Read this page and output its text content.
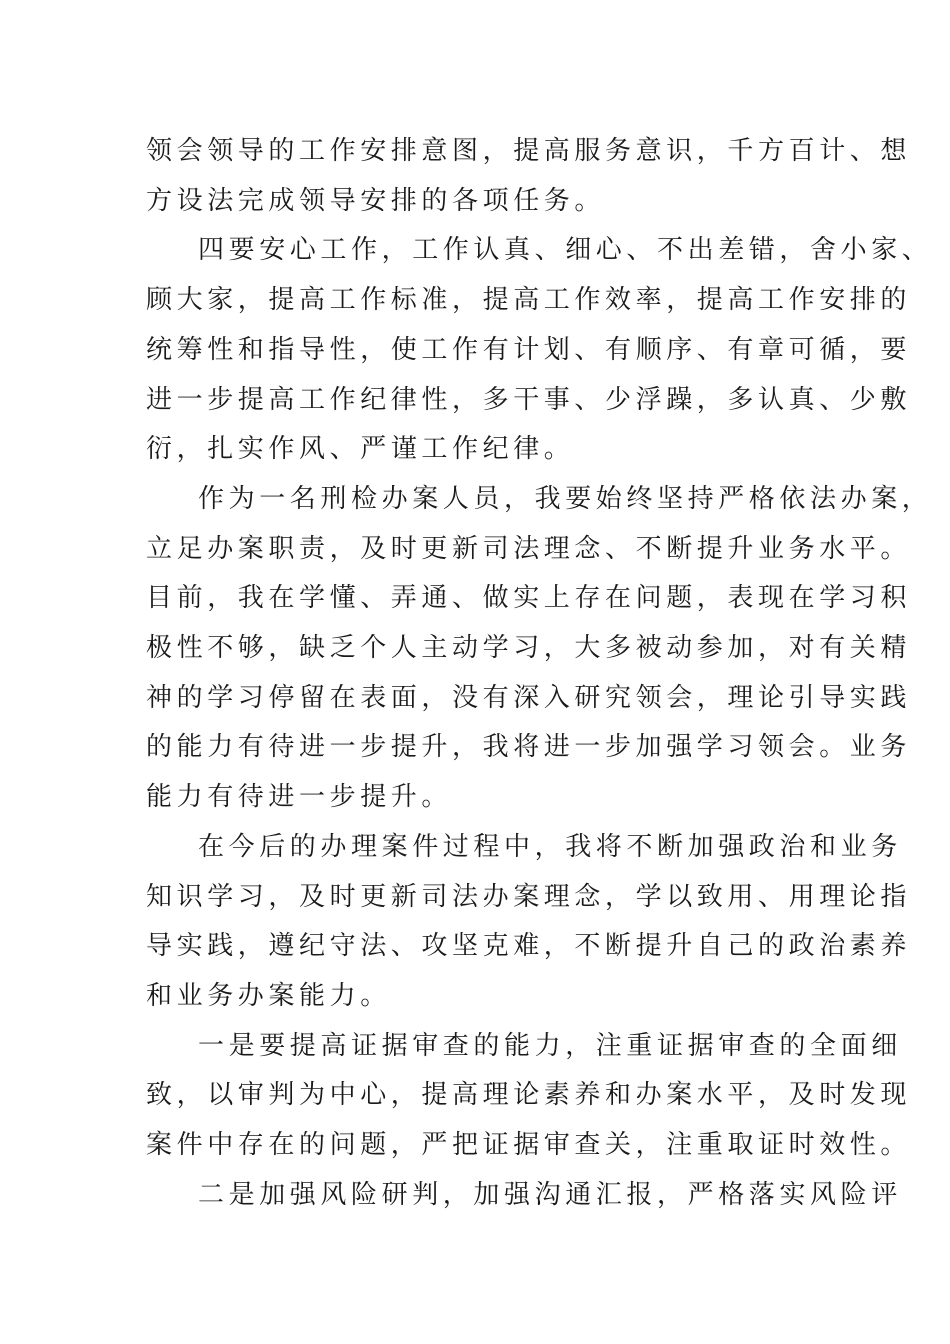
领会领导的工作安排意图，提高服务意识，千方百计、想
方设法完成领导安排的各项任务。

四要安心工作，工作认真、细心、不出差错，舍小家、
顾大家，提高工作标准，提高工作效率，提高工作安排的
统筹性和指导性，使工作有计划、有顺序、有章可循，要
进一步提高工作纪律性，多干事、少浮躁，多认真、少敷
衍，扎实作风、严谨工作纪律。

作为一名刑检办案人员，我要始终坚持严格依法办案，
立足办案职责，及时更新司法理念、不断提升业务水平。
目前，我在学懂、弄通、做实上存在问题，表现在学习积
极性不够，缺乏个人主动学习，大多被动参加，对有关精
神的学习停留在表面，没有深入研究领会，理论引导实践
的能力有待进一步提升，我将进一步加强学习领会。业务
能力有待进一步提升。

在今后的办理案件过程中，我将不断加强政治和业务
知识学习，及时更新司法办案理念，学以致用、用理论指
导实践，遵纪守法、攻坚克难，不断提升自己的政治素养
和业务办案能力。

一是要提高证据审查的能力，注重证据审查的全面细
致，以审判为中心，提高理论素养和办案水平，及时发现
案件中存在的问题，严把证据审查关，注重取证时效性。

二是加强风险研判，加强沟通汇报，严格落实风险评
